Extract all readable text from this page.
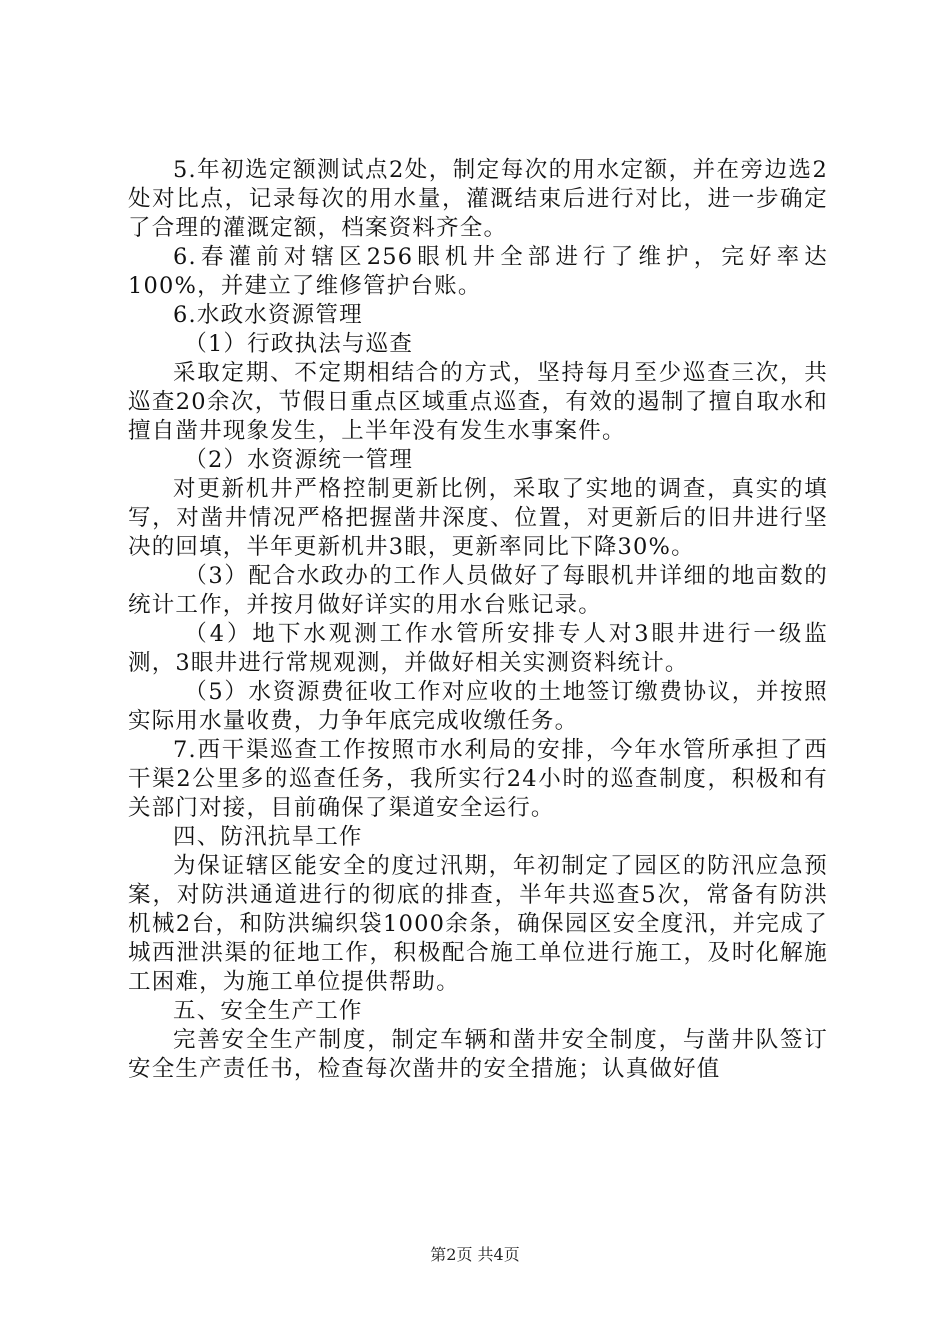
5.年初选定额测试点2处，制定每次的用水定额，并在旁边选2处对比点，记录每次的用水量，灌溉结束后进行对比，进一步确定了合理的灌溉定额，档案资料齐全。

6.春灌前对辖区256眼机井全部进行了维护，完好率达100%，并建立了维修管护台账。

6.水政水资源管理

（1）行政执法与巡查

采取定期、不定期相结合的方式，坚持每月至少巡查三次，共巡查20余次，节假日重点区域重点巡查，有效的遏制了擅自取水和擅自凿井现象发生，上半年没有发生水事案件。

（2）水资源统一管理

对更新机井严格控制更新比例，采取了实地的调查，真实的填写，对凿井情况严格把握凿井深度、位置，对更新后的旧井进行坚决的回填，半年更新机井3眼，更新率同比下降30%。

（3）配合水政办的工作人员做好了每眼机井详细的地亩数的统计工作，并按月做好详实的用水台账记录。

（4）地下水观测工作水管所安排专人对3眼井进行一级监测，3眼井进行常规观测，并做好相关实测资料统计。

（5）水资源费征收工作对应收的土地签订缴费协议，并按照实际用水量收费，力争年底完成收缴任务。

7.西干渠巡查工作按照市水利局的安排，今年水管所承担了西干渠2公里多的巡查任务，我所实行24小时的巡查制度，积极和有关部门对接，目前确保了渠道安全运行。

四、防汛抗旱工作

为保证辖区能安全的度过汛期，年初制定了园区的防汛应急预案，对防洪通道进行的彻底的排查，半年共巡查5次，常备有防洪机械2台，和防洪编织袋1000余条，确保园区安全度汛，并完成了城西泄洪渠的征地工作，积极配合施工单位进行施工，及时化解施工困难，为施工单位提供帮助。

五、安全生产工作

完善安全生产制度，制定车辆和凿井安全制度，与凿井队签订安全生产责任书，检查每次凿井的安全措施；认真做好值

第2页 共4页
